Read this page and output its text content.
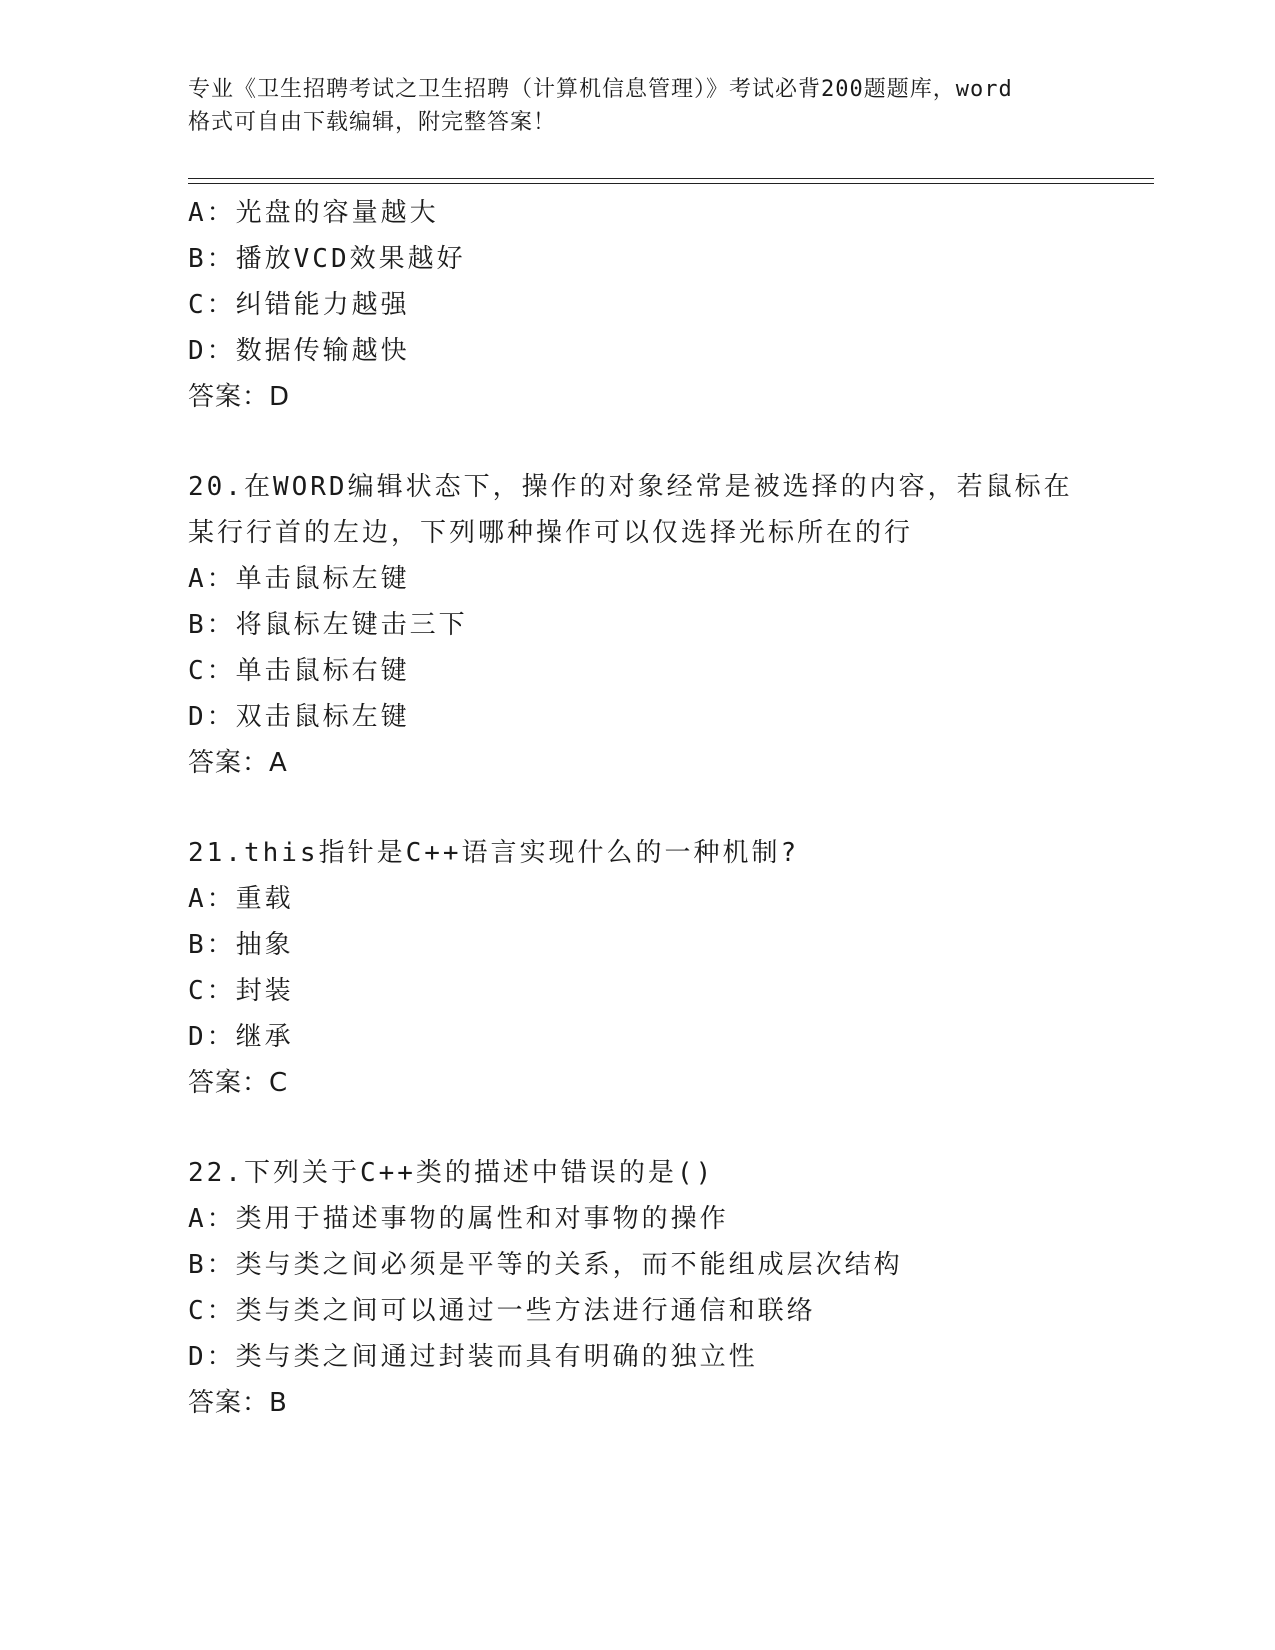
专业《卫生招聘考试之卫生招聘（计算机信息管理）》考试必背200题题库，word
格式可自由下载编辑，附完整答案！
A：光盘的容量越大
B：播放VCD效果越好
C：纠错能力越强
D：数据传输越快
答案：D
20.在WORD编辑状态下，操作的对象经常是被选择的内容，若鼠标在
某行行首的左边，下列哪种操作可以仅选择光标所在的行
A：单击鼠标左键
B：将鼠标左键击三下
C：单击鼠标右键
D：双击鼠标左键
答案：A
21.this指针是C++语言实现什么的一种机制?
A：重载
B：抽象
C：封装
D：继承
答案：C
22.下列关于C++类的描述中错误的是()
A：类用于描述事物的属性和对事物的操作
B：类与类之间必须是平等的关系，而不能组成层次结构
C：类与类之间可以通过一些方法进行通信和联络
D：类与类之间通过封装而具有明确的独立性
答案：B
